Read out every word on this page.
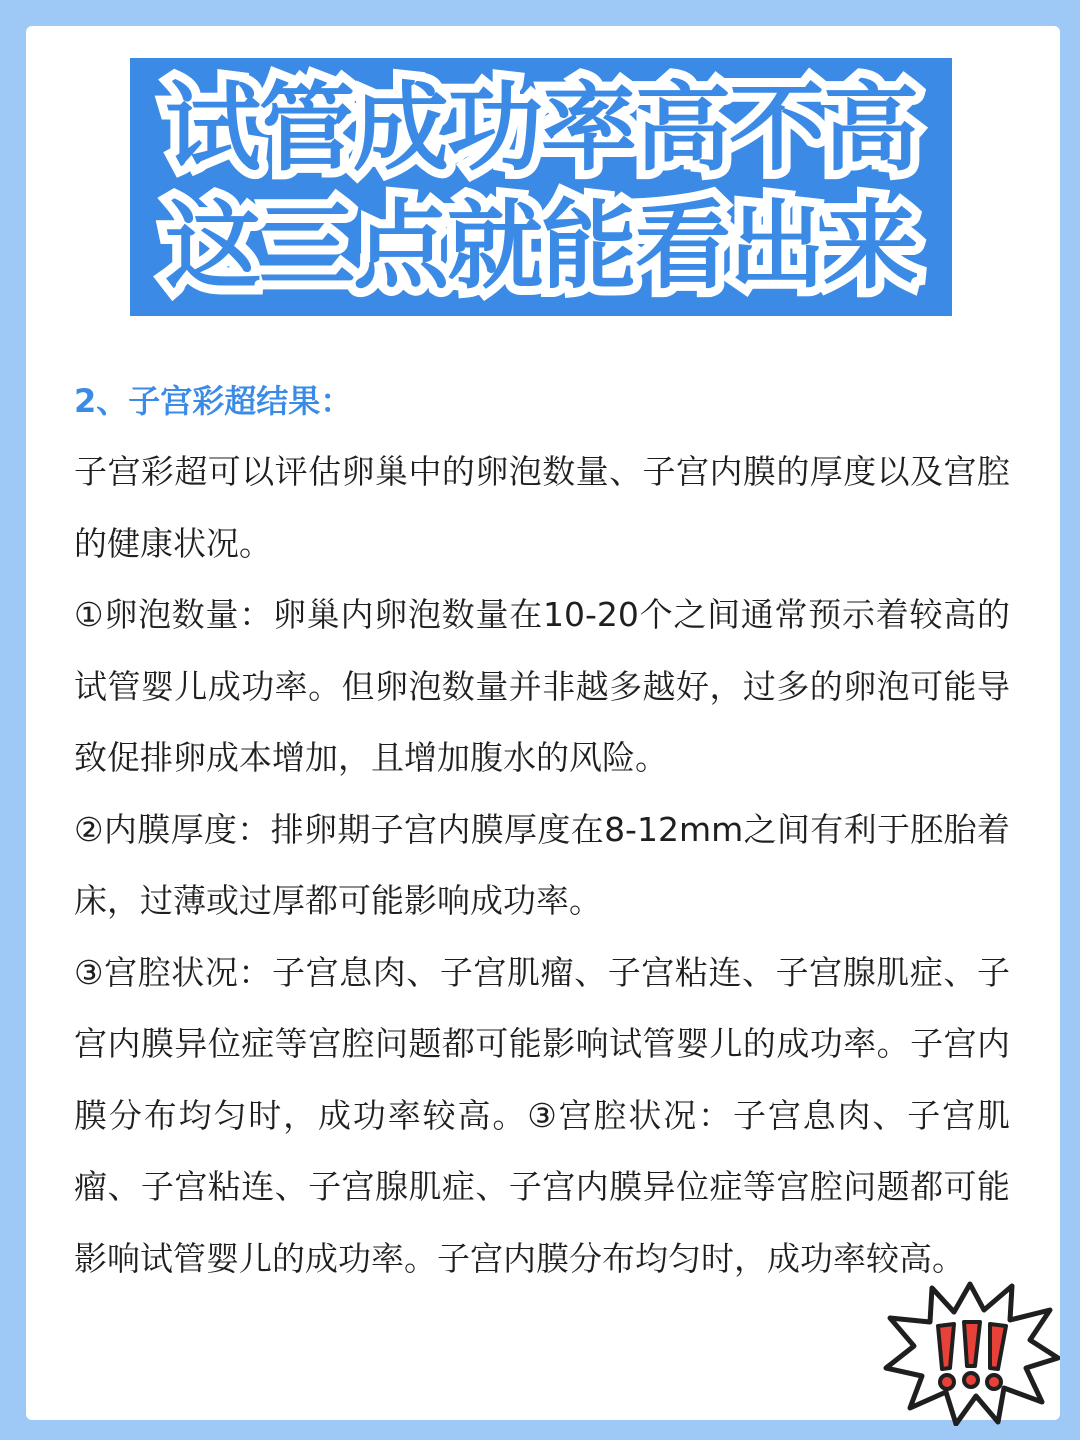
试管成功率高不高
这三点就能看出来
2、子宫彩超结果：

子宫彩超可以评估卵巢中的卵泡数量、子宫内膜的厚度以及宫腔的健康状况。

①卵泡数量：卵巢内卵泡数量在10-20个之间通常预示着较高的试管婴儿成功率。但卵泡数量并非越多越好，过多的卵泡可能导致促排卵成本增加，且增加腹水的风险。

②内膜厚度：排卵期子宫内膜厚度在8-12mm之间有利于胚胎着床，过薄或过厚都可能影响成功率。

③宫腔状况：子宫息肉、子宫肌瘤、子宫粘连、子宫腺肌症、子宫内膜异位症等宫腔问题都可能影响试管婴儿的成功率。子宫内膜分布均匀时，成功率较高。③宫腔状况：子宫息肉、子宫肌瘤、子宫粘连、子宫腺肌症、子宫内膜异位症等宫腔问题都可能影响试管婴儿的成功率。子宫内膜分布均匀时，成功率较高。
